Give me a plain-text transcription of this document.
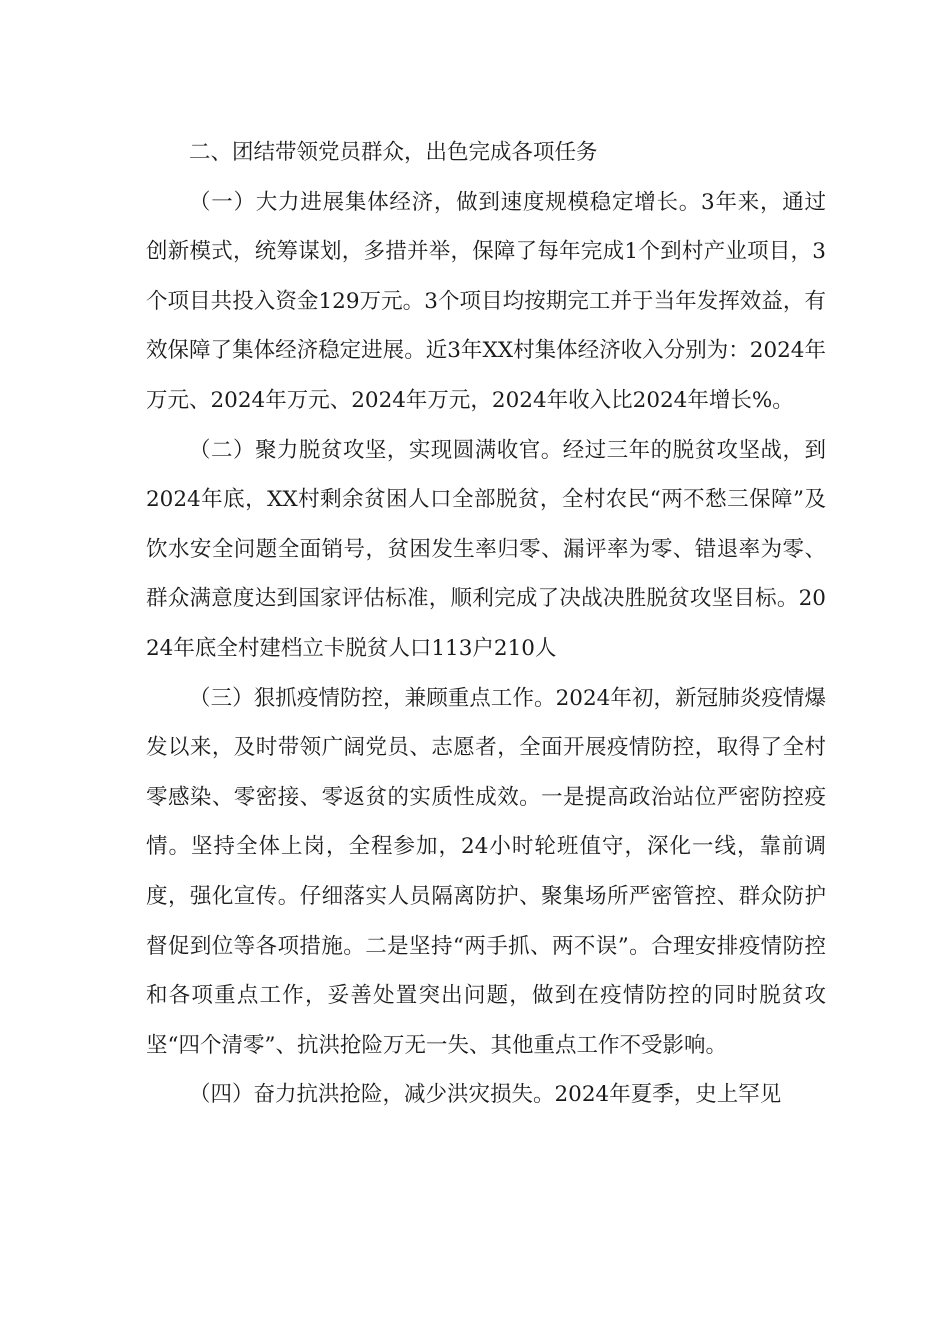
二、团结带领党员群众，出色完成各项任务

（一）大力进展集体经济，做到速度规模稳定增长。3年来，通过创新模式，统筹谋划，多措并举，保障了每年完成1个到村产业项目，3个项目共投入资金129万元。3个项目均按期完工并于当年发挥效益，有效保障了集体经济稳定进展。近3年XX村集体经济收入分别为：2024年万元、2024年万元、2024年万元，2024年收入比2024年增长%。

（二）聚力脱贫攻坚，实现圆满收官。经过三年的脱贫攻坚战，到2024年底，XX村剩余贫困人口全部脱贫，全村农民“两不愁三保障”及饮水安全问题全面销号，贫困发生率归零、漏评率为零、错退率为零、群众满意度达到国家评估标准，顺利完成了决战决胜脱贫攻坚目标。2024年底全村建档立卡脱贫人口113户210人

（三）狠抓疫情防控，兼顾重点工作。2024年初，新冠肺炎疫情爆发以来，及时带领广阔党员、志愿者，全面开展疫情防控，取得了全村零感染、零密接、零返贫的实质性成效。一是提高政治站位严密防控疫情。坚持全体上岗，全程参加，24小时轮班值守，深化一线，靠前调度，强化宣传。仔细落实人员隔离防护、聚集场所严密管控、群众防护督促到位等各项措施。二是坚持“两手抓、两不误”。合理安排疫情防控和各项重点工作，妥善处置突出问题，做到在疫情防控的同时脱贫攻坚“四个清零”、抗洪抢险万无一失、其他重点工作不受影响。

（四）奋力抗洪抢险，减少洪灾损失。2024年夏季，史上罕见
